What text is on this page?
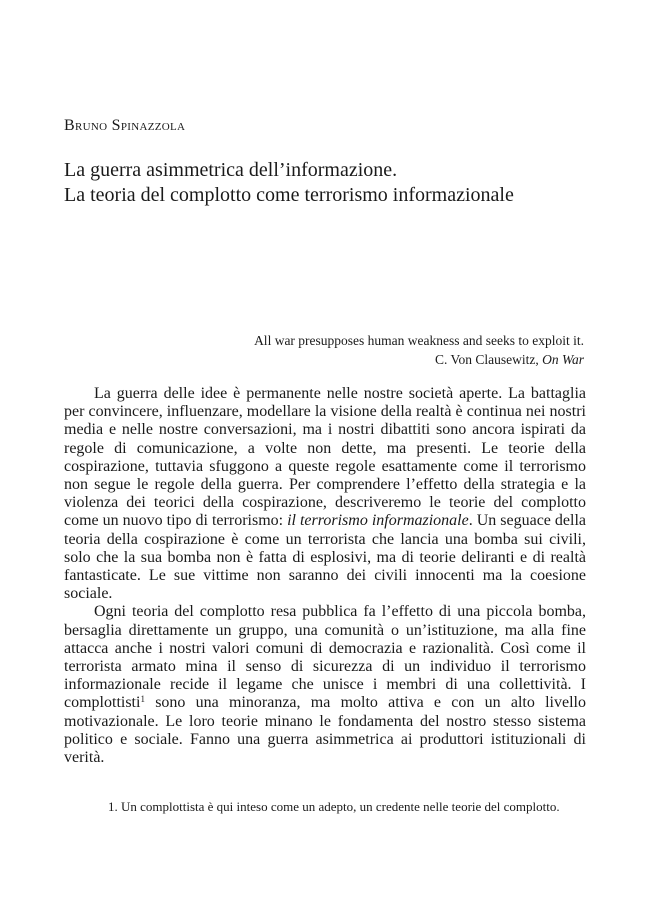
Bruno Spinazzola
La guerra asimmetrica dell’informazione.
La teoria del complotto come terrorismo informazionale
All war presupposes human weakness and seeks to exploit it.
C. Von Clausewitz, On War

La guerra delle idee è permanente nelle nostre società aperte. La battaglia per convincere, influenzare, modellare la visione della realtà è continua nei nostri media e nelle nostre conversazioni, ma i nostri dibattiti sono ancora ispirati da regole di comunicazione, a volte non dette, ma presenti. Le teorie della cospirazione, tuttavia sfuggono a queste regole esattamente come il terrorismo non segue le regole della guerra. Per comprendere l’effetto della strategia e la violenza dei teorici della cospirazione, descriveremo le teorie del complotto come un nuovo tipo di terrorismo: il terrorismo informazionale. Un seguace della teoria della cospirazione è come un terrorista che lancia una bomba sui civili, solo che la sua bomba non è fatta di esplosivi, ma di teorie deliranti e di realtà fantasticate. Le sue vittime non saranno dei civili innocenti ma la coesione sociale.

Ogni teoria del complotto resa pubblica fa l’effetto di una piccola bomba, bersaglia direttamente un gruppo, una comunità o un’istituzione, ma alla fine attacca anche i nostri valori comuni di democrazia e razionalità. Così come il terrorista armato mina il senso di sicurezza di un individuo il terrorismo informazionale recide il legame che unisce i membri di una collettività. I complottisti$^1$ sono una minoranza, ma molto attiva e con un alto livello motivazionale. Le loro teorie minano le fondamenta del nostro stesso sistema politico e sociale. Fanno una guerra asimmetrica ai produttori istituzionali di verità.

1. Un complottista è qui inteso come un adepto, un credente nelle teorie del complotto.
